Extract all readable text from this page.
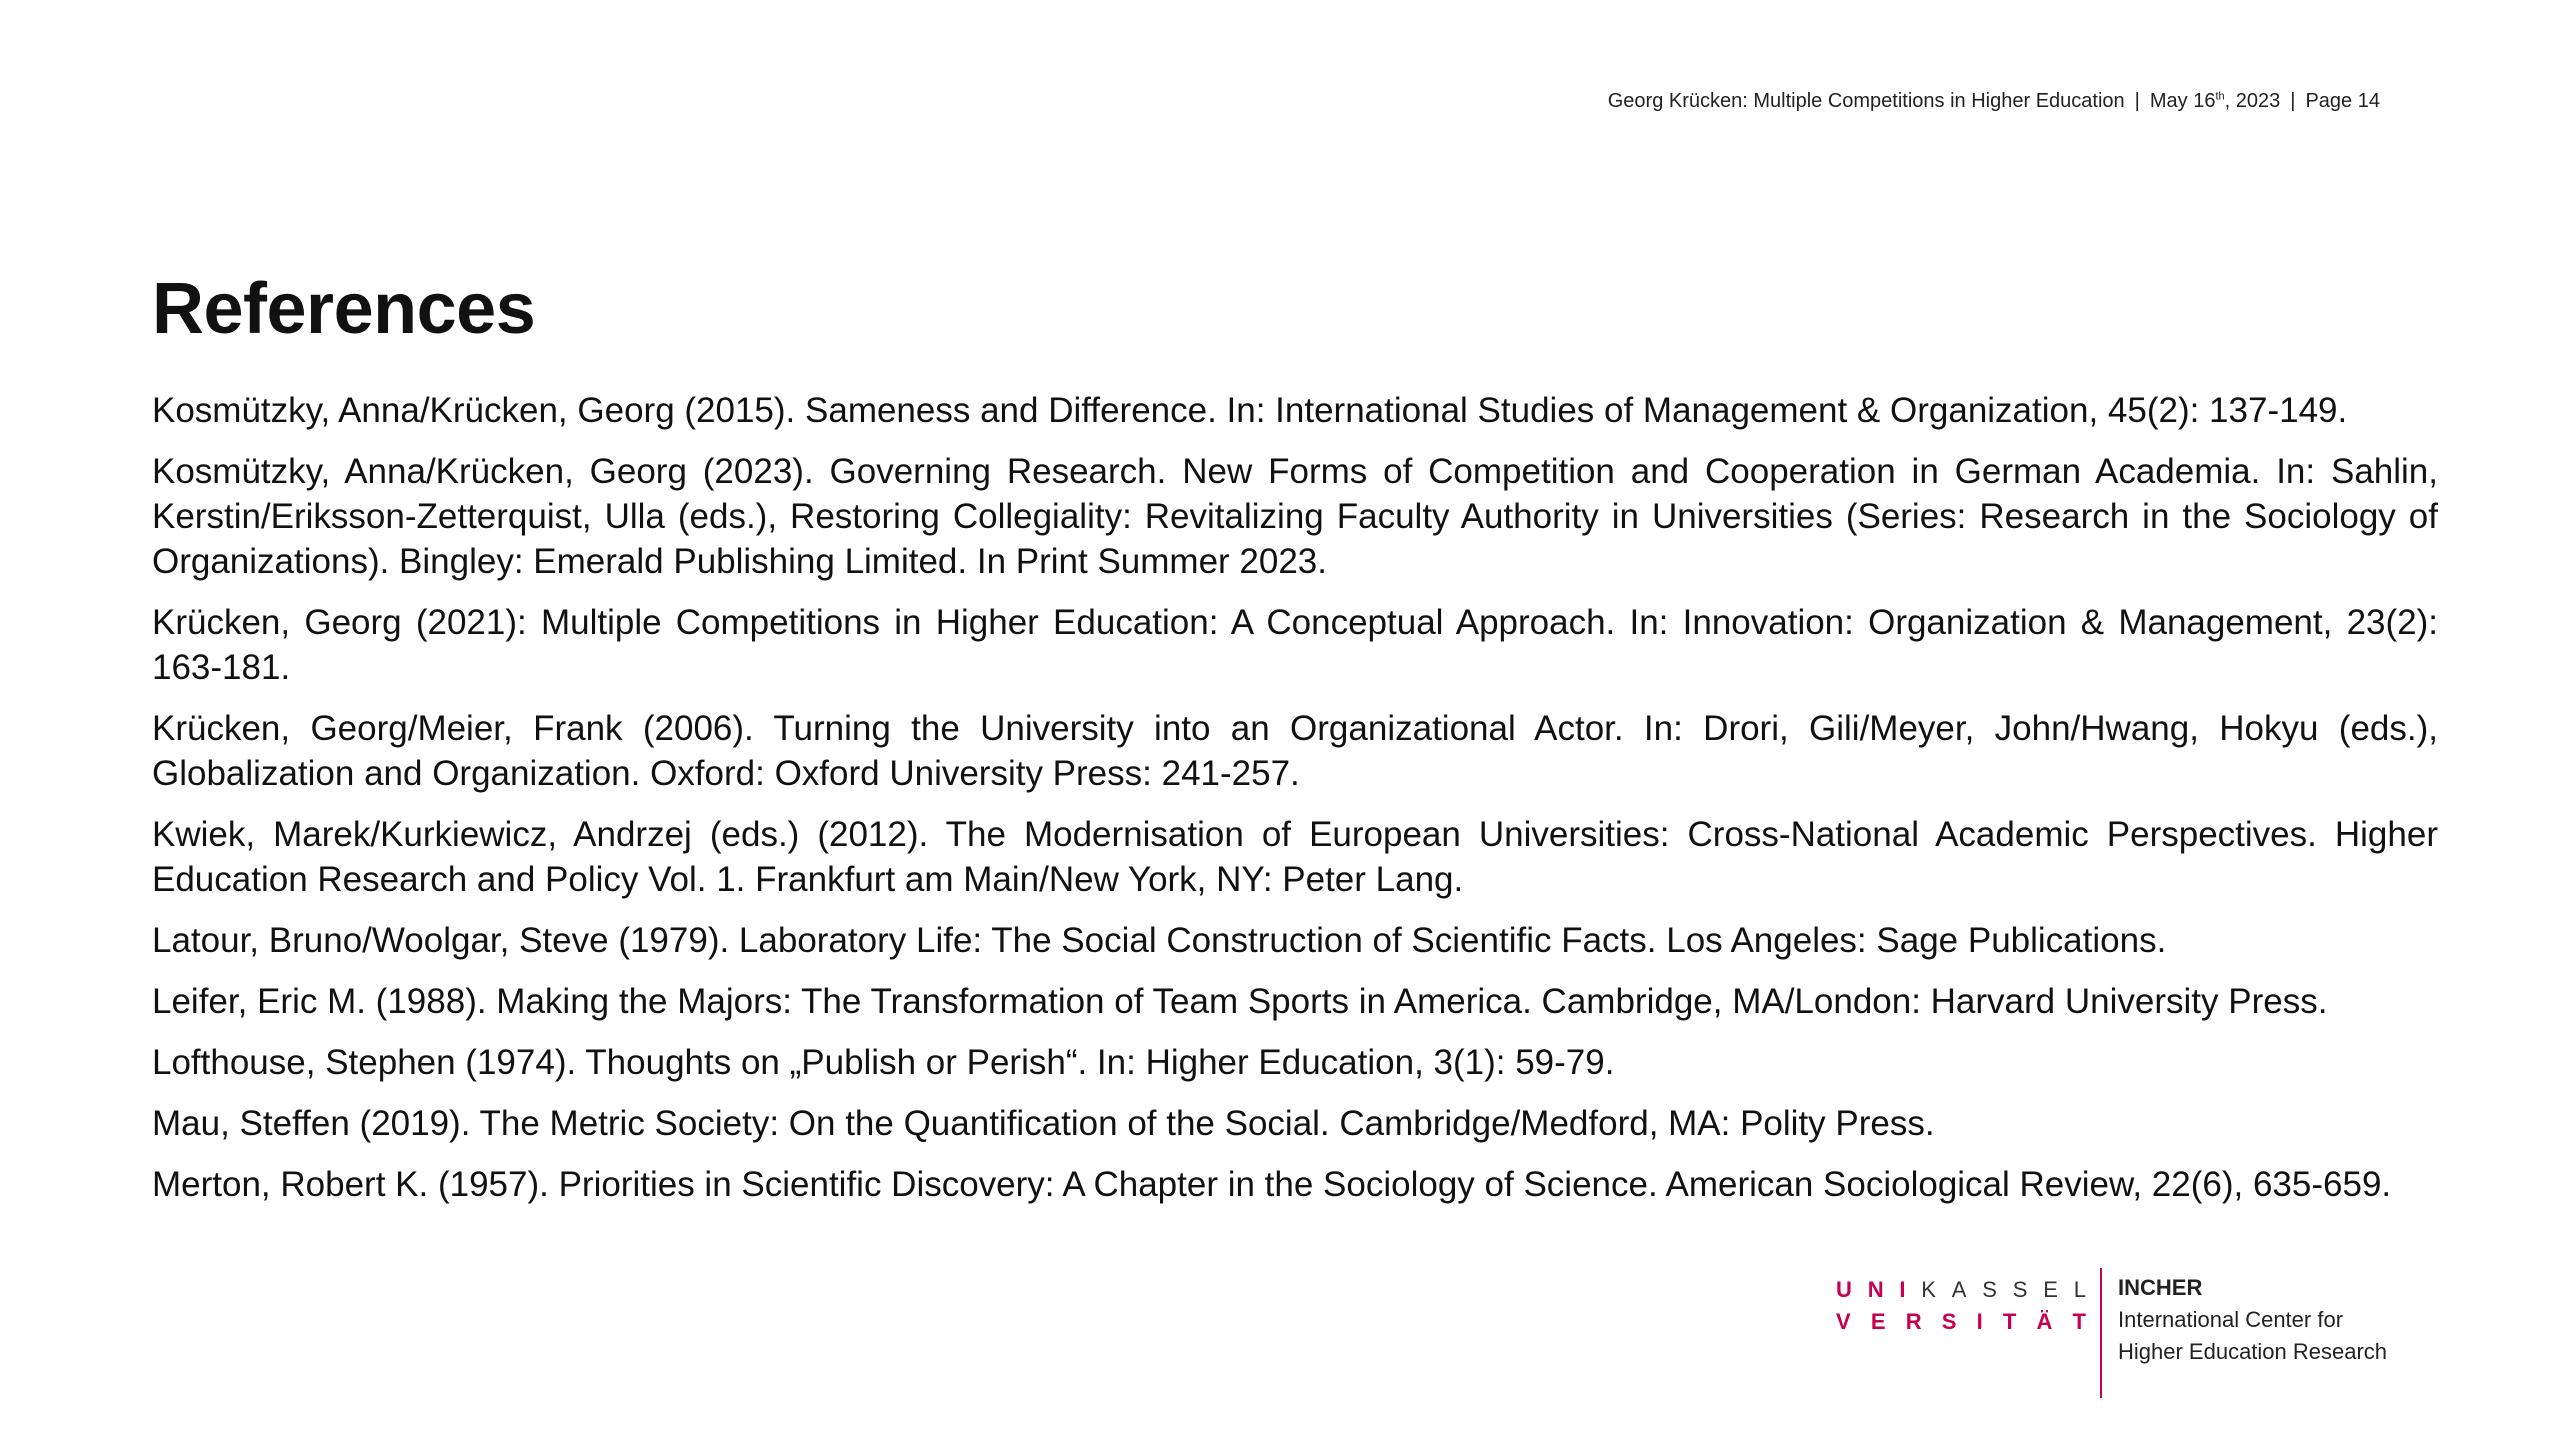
Georg Krücken: Multiple Competitions in Higher Education | May 16th, 2023 | Page 14
References
Kosmützky, Anna/Krücken, Georg (2015). Sameness and Difference. In: International Studies of Management & Organization, 45(2): 137-149.
Kosmützky, Anna/Krücken, Georg (2023). Governing Research. New Forms of Competition and Cooperation in German Academia. In: Sahlin, Kerstin/Eriksson-Zetterquist, Ulla (eds.), Restoring Collegiality: Revitalizing Faculty Authority in Universities (Series: Research in the Sociology of Organizations). Bingley: Emerald Publishing Limited. In Print Summer 2023.
Krücken, Georg (2021): Multiple Competitions in Higher Education: A Conceptual Approach. In: Innovation: Organization & Management, 23(2): 163-181.
Krücken, Georg/Meier, Frank (2006). Turning the University into an Organizational Actor. In: Drori, Gili/Meyer, John/Hwang, Hokyu (eds.), Globalization and Organization. Oxford: Oxford University Press: 241-257.
Kwiek, Marek/Kurkiewicz, Andrzej (eds.) (2012). The Modernisation of European Universities: Cross-National Academic Perspectives. Higher Education Research and Policy Vol. 1. Frankfurt am Main/New York, NY: Peter Lang.
Latour, Bruno/Woolgar, Steve (1979). Laboratory Life: The Social Construction of Scientific Facts. Los Angeles: Sage Publications.
Leifer, Eric M. (1988). Making the Majors: The Transformation of Team Sports in America. Cambridge, MA/London: Harvard University Press.
Lofthouse, Stephen (1974). Thoughts on „Publish or Perish“. In: Higher Education, 3(1): 59-79.
Mau, Steffen (2019). The Metric Society: On the Quantification of the Social. Cambridge/Medford, MA: Polity Press.
Merton, Robert K. (1957). Priorities in Scientific Discovery: A Chapter in the Sociology of Science. American Sociological Review, 22(6), 635-659.
U N I K A S S E L
V E R S I T Ä T
INCHER
International Center for
Higher Education Research
